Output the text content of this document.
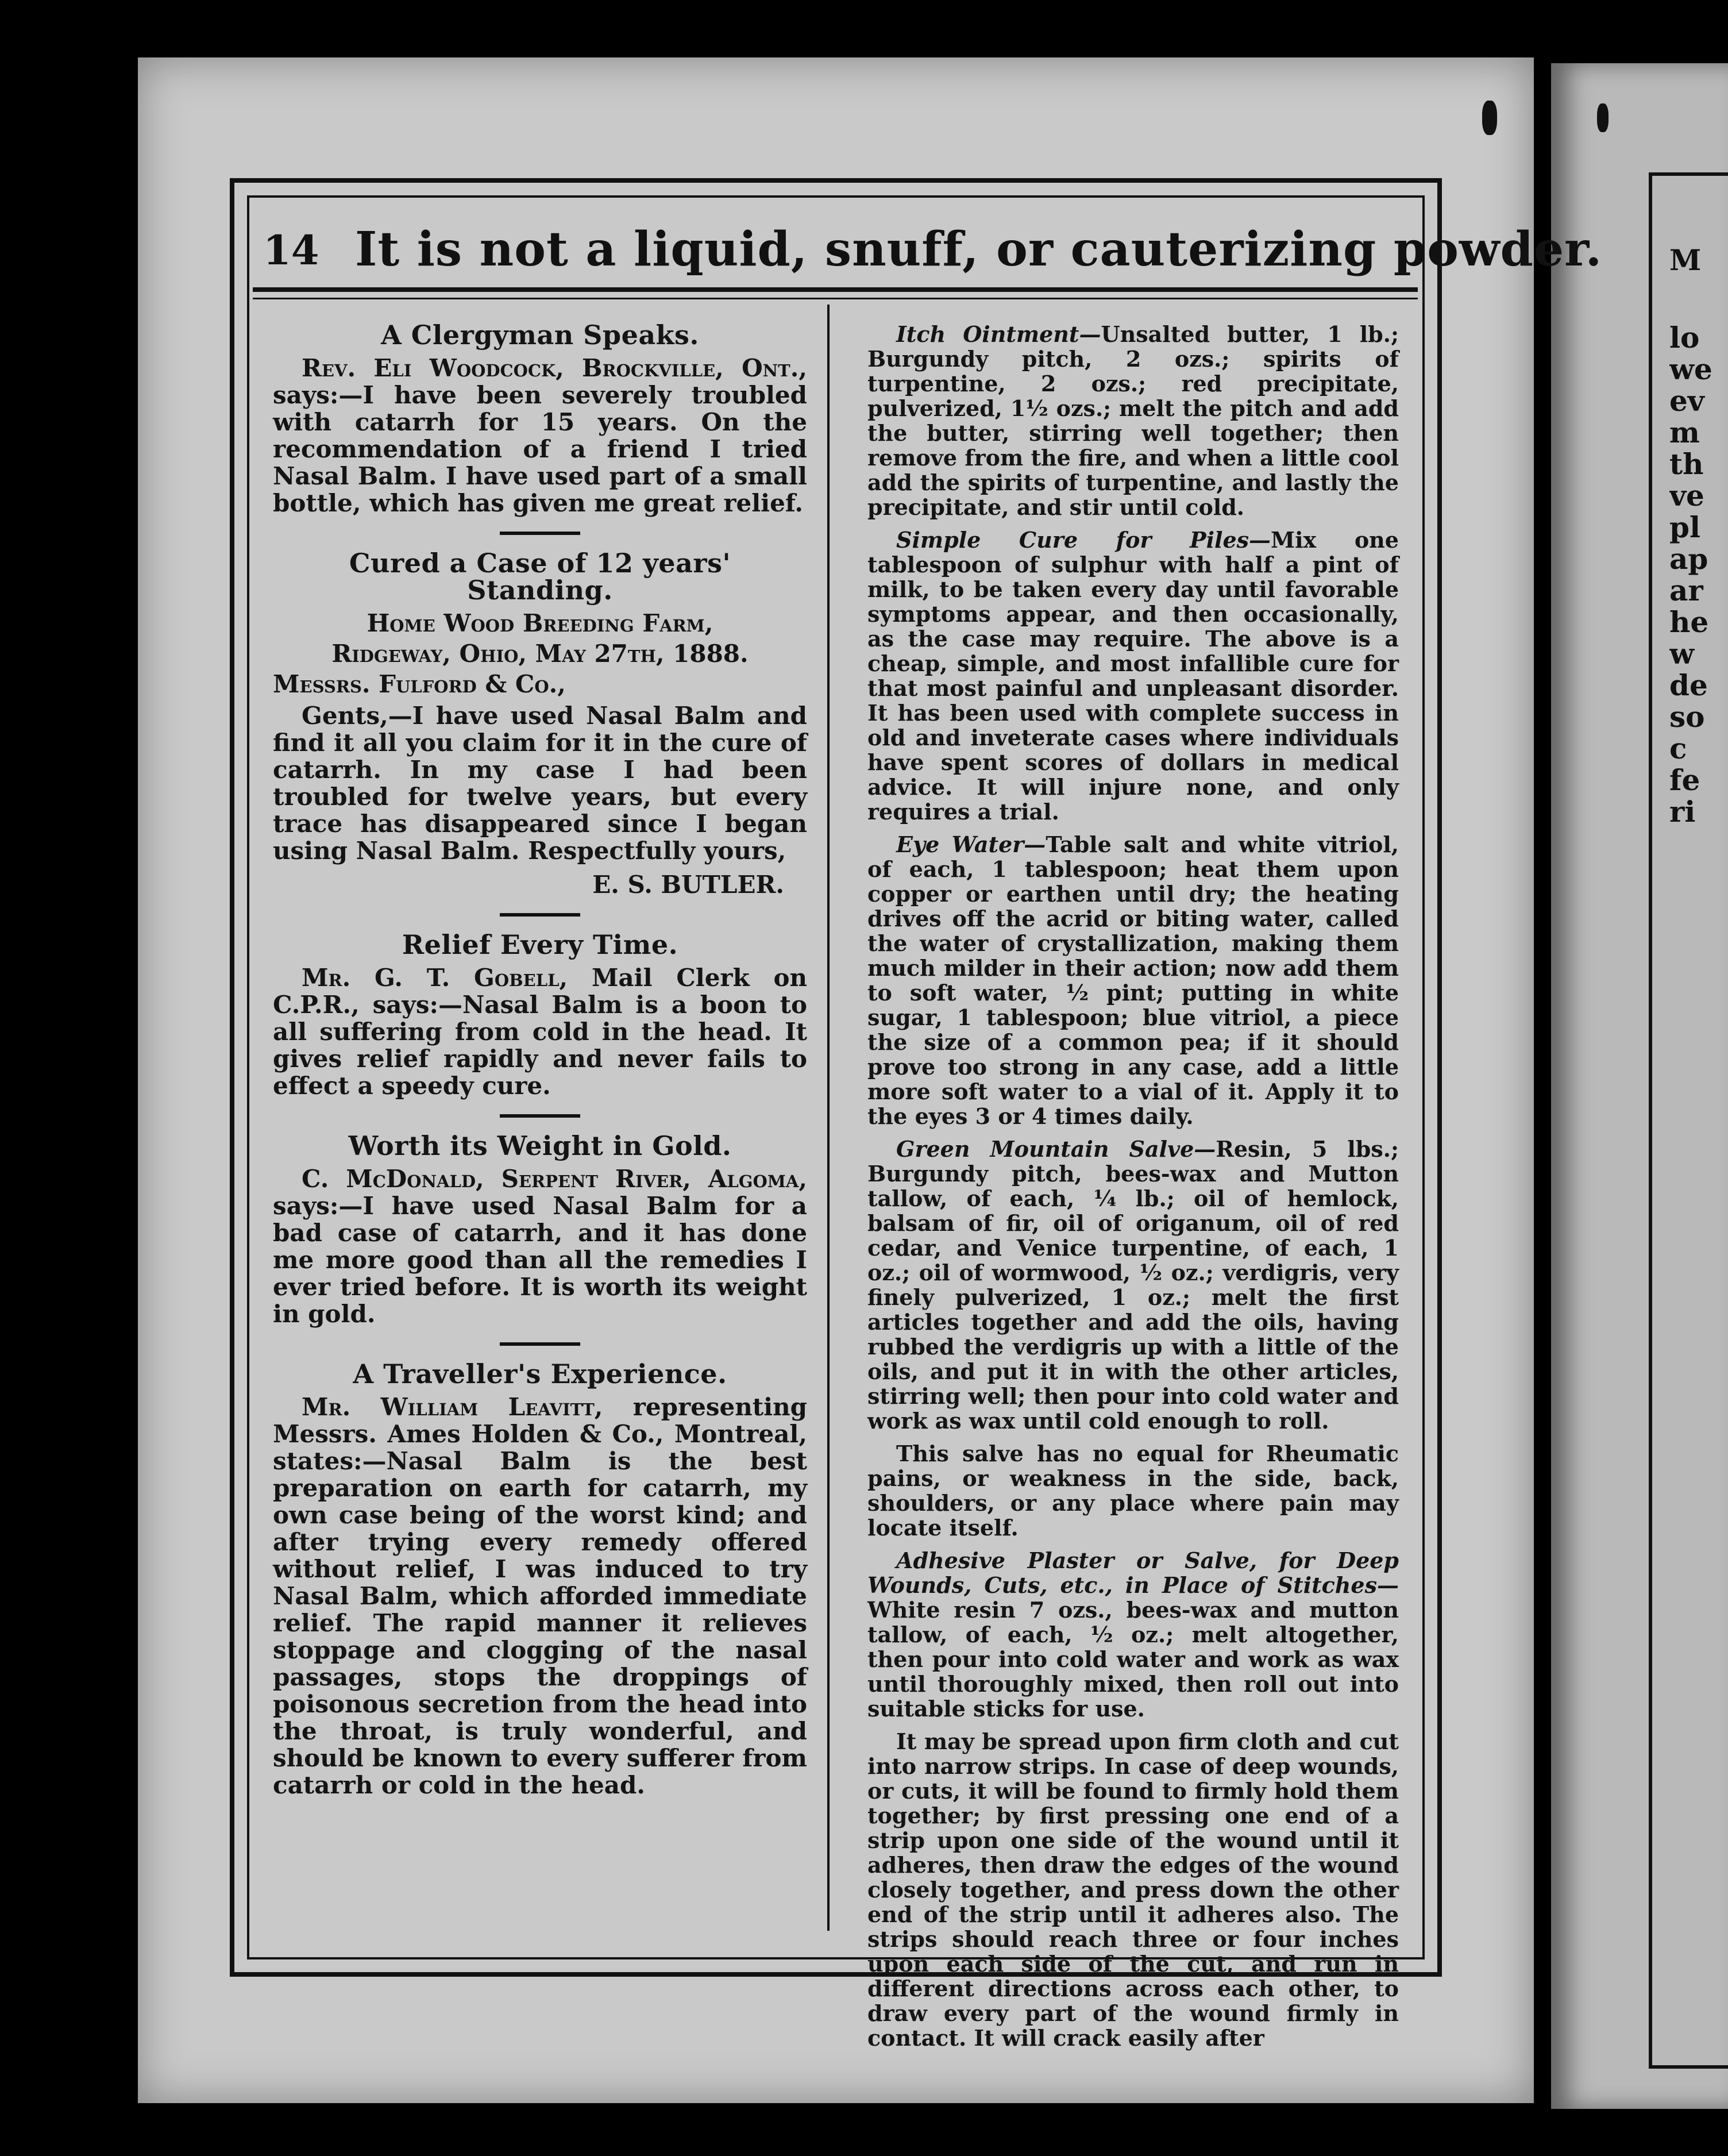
M
lo
we
ev
m
th
ve
pl
ap
ar
he
w
de
so
c
fe
ri
14 It is not a liquid, snuff, or cauterizing powder.
A Clergyman Speaks.

Rev. Eli Woodcock, Brockville, Ont., says:—I have been severely troubled with catarrh for 15 years. On the recommendation of a friend I tried Nasal Balm. I have used part of a small bottle, which has given me great relief.

Cured a Case of 12 years' Standing.
Home Wood Breeding Farm,
Ridgeway, Ohio, May 27th, 1888.
Messrs. Fulford & Co.,

Gents,—I have used Nasal Balm and find it all you claim for it in the cure of catarrh. In my case I had been troubled for twelve years, but every trace has disappeared since I began using Nasal Balm. Respectfully yours,

E. S. BUTLER.
Relief Every Time.

Mr. G. T. Gobell, Mail Clerk on C.P.R., says:—Nasal Balm is a boon to all suffering from cold in the head. It gives relief rapidly and never fails to effect a speedy cure.

Worth its Weight in Gold.

C. McDonald, Serpent River, Algoma, says:—I have used Nasal Balm for a bad case of catarrh, and it has done me more good than all the remedies I ever tried before. It is worth its weight in gold.

A Traveller's Experience.

Mr. William Leavitt, representing Messrs. Ames Holden & Co., Montreal, states:—Nasal Balm is the best preparation on earth for catarrh, my own case being of the worst kind; and after trying every remedy offered without relief, I was induced to try Nasal Balm, which afforded immediate relief. The rapid manner it relieves stoppage and clogging of the nasal passages, stops the droppings of poisonous secretion from the head into the throat, is truly wonderful, and should be known to every sufferer from catarrh or cold in the head.

Itch Ointment—Unsalted butter, 1 lb.; Burgundy pitch, 2 ozs.; spirits of turpentine, 2 ozs.; red precipitate, pulverized, 1½ ozs.; melt the pitch and add the butter, stirring well together; then remove from the fire, and when a little cool add the spirits of turpentine, and lastly the precipitate, and stir until cold.

Simple Cure for Piles—Mix one tablespoon of sulphur with half a pint of milk, to be taken every day until favorable symptoms appear, and then occasionally, as the case may require. The above is a cheap, simple, and most infallible cure for that most painful and unpleasant disorder. It has been used with complete success in old and inveterate cases where individuals have spent scores of dollars in medical advice. It will injure none, and only requires a trial.

Eye Water—Table salt and white vitriol, of each, 1 tablespoon; heat them upon copper or earthen until dry; the heating drives off the acrid or biting water, called the water of crystallization, making them much milder in their action; now add them to soft water, ½ pint; putting in white sugar, 1 tablespoon; blue vitriol, a piece the size of a common pea; if it should prove too strong in any case, add a little more soft water to a vial of it. Apply it to the eyes 3 or 4 times daily.

Green Mountain Salve—Resin, 5 lbs.; Burgundy pitch, bees-wax and Mutton tallow, of each, ¼ lb.; oil of hemlock, balsam of fir, oil of origanum, oil of red cedar, and Venice turpentine, of each, 1 oz.; oil of wormwood, ½ oz.; verdigris, very finely pulverized, 1 oz.; melt the first articles together and add the oils, having rubbed the verdigris up with a little of the oils, and put it in with the other articles, stirring well; then pour into cold water and work as wax until cold enough to roll.

This salve has no equal for Rheumatic pains, or weakness in the side, back, shoulders, or any place where pain may locate itself.

Adhesive Plaster or Salve, for Deep Wounds, Cuts, etc., in Place of Stitches—White resin 7 ozs., bees-wax and mutton tallow, of each, ½ oz.; melt altogether, then pour into cold water and work as wax until thoroughly mixed, then roll out into suitable sticks for use.

It may be spread upon firm cloth and cut into narrow strips. In case of deep wounds, or cuts, it will be found to firmly hold them together; by first pressing one end of a strip upon one side of the wound until it adheres, then draw the edges of the wound closely together, and press down the other end of the strip until it adheres also. The strips should reach three or four inches upon each side of the cut, and run in different directions across each other, to draw every part of the wound firmly in contact. It will crack easily after
